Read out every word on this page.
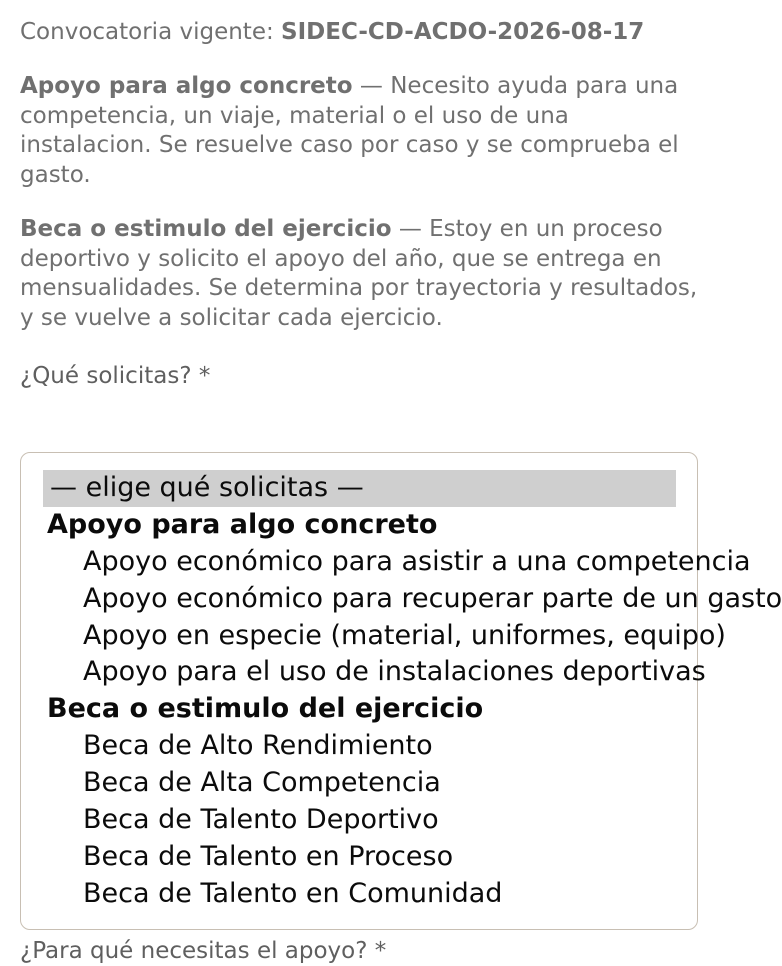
Convocatoria vigente: SIDEC-CD-ACDO-2026-08-17

Apoyo para algo concreto — Necesito ayuda para una competencia, un viaje, material o el uso de una instalacion. Se resuelve caso por caso y se comprueba el gasto.

Beca o estimulo del ejercicio — Estoy en un proceso deportivo y solicito el apoyo del año, que se entrega en mensualidades. Se determina por trayectoria y resultados, y se vuelve a solicitar cada ejercicio.

¿Qué solicitas? *
— elige qué solicitas —
Apoyo para algo concreto
Apoyo económico para asistir a una competencia
Apoyo económico para recuperar parte de un gasto
Apoyo en especie (material, uniformes, equipo)
Apoyo para el uso de instalaciones deportivas
Beca o estimulo del ejercicio
Beca de Alto Rendimiento
Beca de Alta Competencia
Beca de Talento Deportivo
Beca de Talento en Proceso
Beca de Talento en Comunidad
¿Para qué necesitas el apoyo? *
